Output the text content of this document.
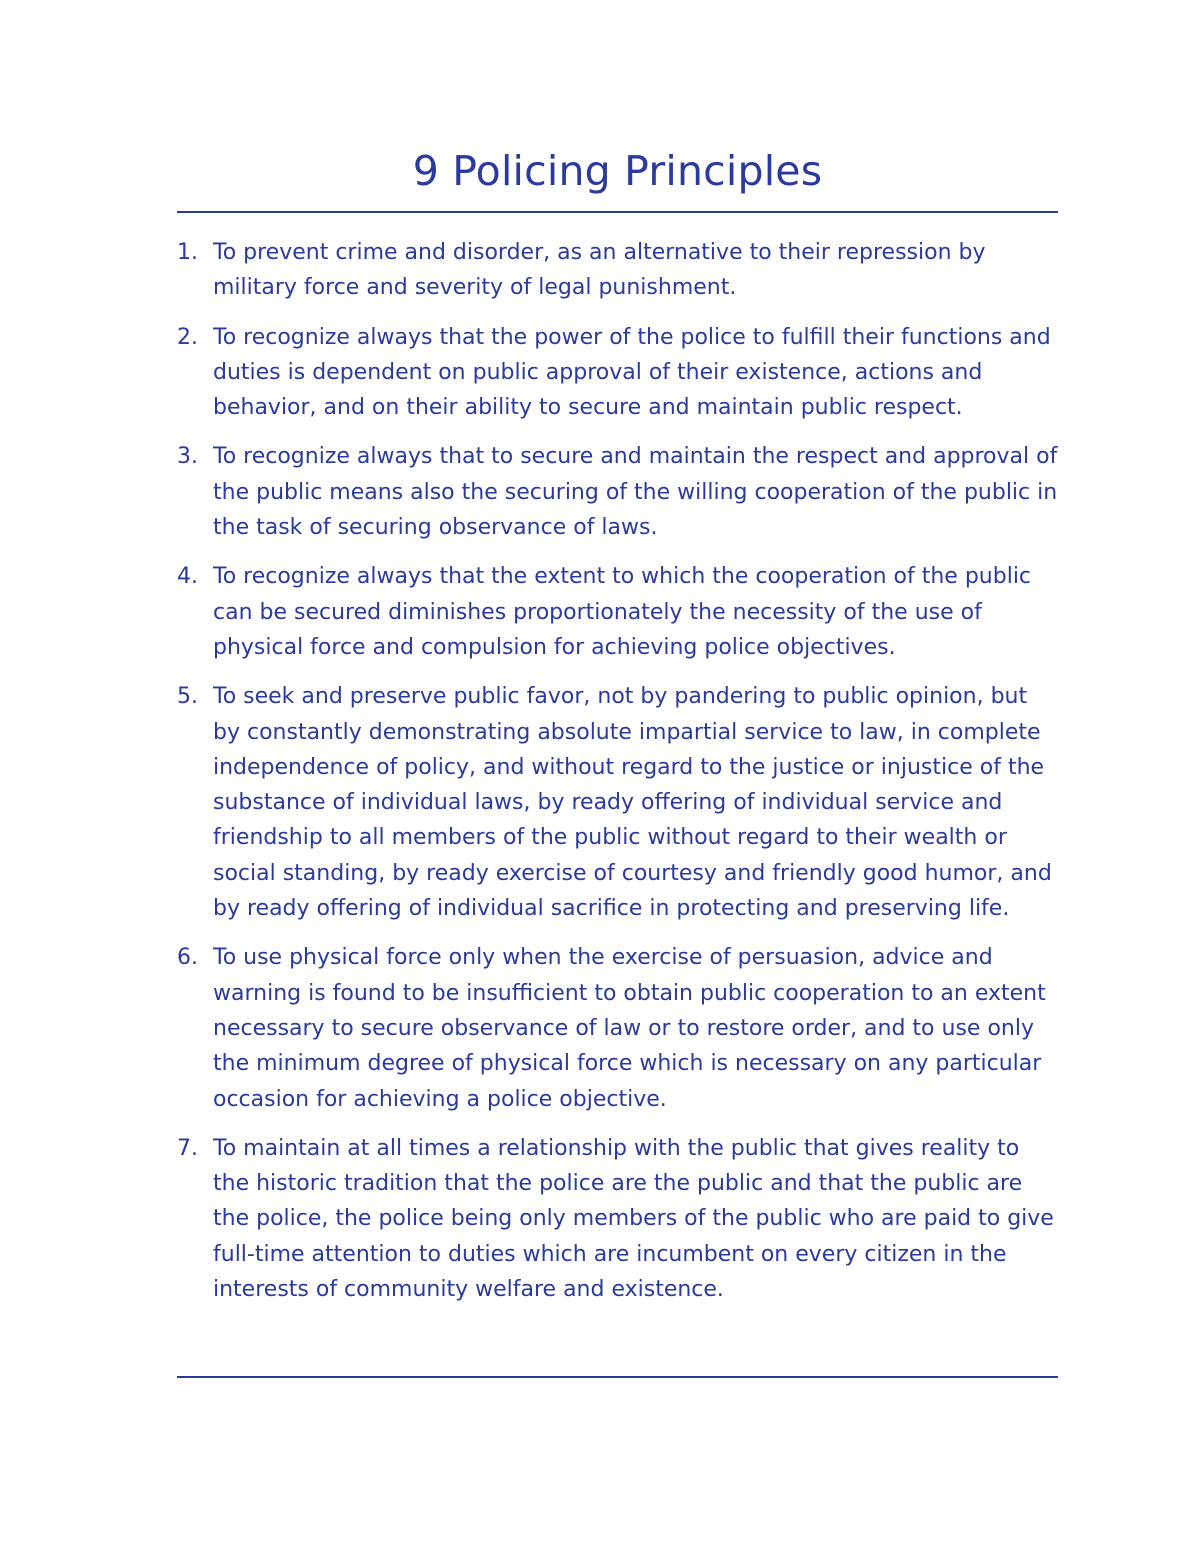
9 Policing Principles
1. To prevent crime and disorder, as an alternative to their repression by military force and severity of legal punishment.
2. To recognize always that the power of the police to fulfill their functions and duties is dependent on public approval of their existence, actions and behavior, and on their ability to secure and maintain public respect.
3. To recognize always that to secure and maintain the respect and approval of the public means also the securing of the willing cooperation of the public in the task of securing observance of laws.
4. To recognize always that the extent to which the cooperation of the public can be secured diminishes proportionately the necessity of the use of physical force and compulsion for achieving police objectives.
5. To seek and preserve public favor, not by pandering to public opinion, but by constantly demonstrating absolute impartial service to law, in complete independence of policy, and without regard to the justice or injustice of the substance of individual laws, by ready offering of individual service and friendship to all members of the public without regard to their wealth or social standing, by ready exercise of courtesy and friendly good humor, and by ready offering of individual sacrifice in protecting and preserving life.
6. To use physical force only when the exercise of persuasion, advice and warning is found to be insufficient to obtain public cooperation to an extent necessary to secure observance of law or to restore order, and to use only the minimum degree of physical force which is necessary on any particular occasion for achieving a police objective.
7. To maintain at all times a relationship with the public that gives reality to the historic tradition that the police are the public and that the public are the police, the police being only members of the public who are paid to give full-time attention to duties which are incumbent on every citizen in the interests of community welfare and existence.
